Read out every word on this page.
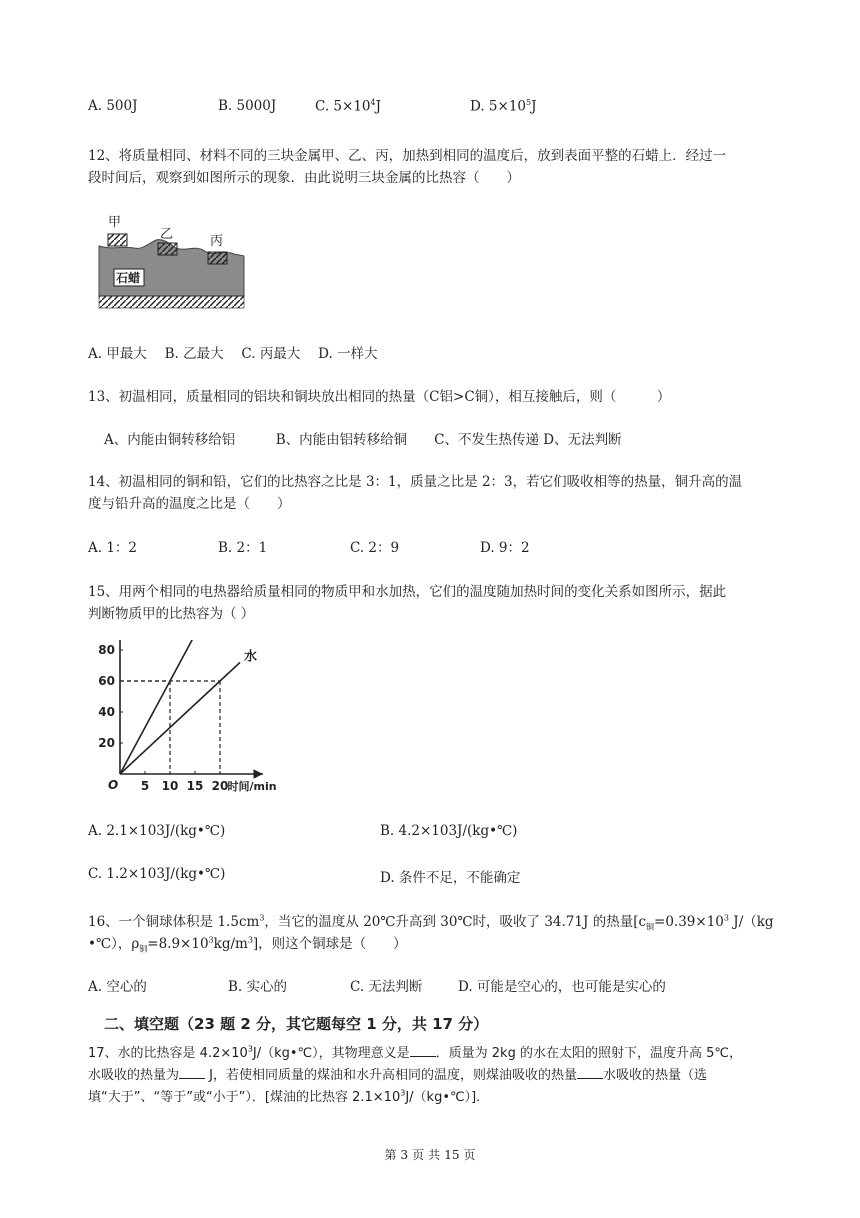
A. 500J	B. 5000J	C. $5\times 10^4J$	D. $5\times 10^5J$
12、将质量相同、材料不同的三块金属甲、乙、丙，加热到相同的温度后，放到表面平整的石蜡上．经过一
段时间后，观察到如图所示的现象．由此说明三块金属的比热容（　　）
甲
乙	丙
石蜡
A. 甲最大　 B. 乙最大　 C. 丙最大　 D. 一样大
13、初温相同，质量相同的铝块和铜块放出相同的热量（C铝>C铜），相互接触后，则（　　　）
A、内能由铜转移给铝　　　B、内能由铝转移给铜　　C、不发生热传递 D、无法判断
14、初温相同的铜和铅，它们的比热容之比是 3：1，质量之比是 2：3，若它们吸收相等的热量，铜升高的温
度与铅升高的温度之比是（　　）
A. 1：2	B. 2：1	C. 2：9	D. 9：2
15、用两个相同的电热器给质量相同的物质甲和水加热，它们的温度随加热时间的变化关系如图所示，据此
判断物质甲的比热容为（ ）
时间/min
O 5 10 15 20
20
40
60
80	水
A. 2.1×103J/(kg•℃)	B. 4.2×103J/(kg•℃)
C. 1.2×103J/(kg•℃)	D. 条件不足，不能确定
16、一个铜球体积是 $1.5cm^3$，当它的温度从 20℃升高到 30℃时，吸收了 34.71J 的热量[$c_铜=0.39\times 10^3$ J/（kg
•℃），$\rho_铜=8.9\times 10^3kg/m^3$]，则这个铜球是（　　）
A. 空心的	B. 实心的	C. 无法判断	D. 可能是空心的，也可能是实心的
二、填空题（23 题 2 分，其它题每空 1 分，共 17 分）
17、水的比热容是 $4.2\times 10^3J/(kg•℃)$，其物理意义是 ．质量为 2kg 的水在太阳的照射下，温度升高 5℃，
水吸收的热量为 J，若使相同质量的煤油和水升高相同的温度，则煤油吸收的热量 水吸收的热量（选
填“大于”、“等于”或“小于”）．[煤油的比热容 $2.1\times 10^3J/(kg•℃)$]．
第 3 页 共 15 页
